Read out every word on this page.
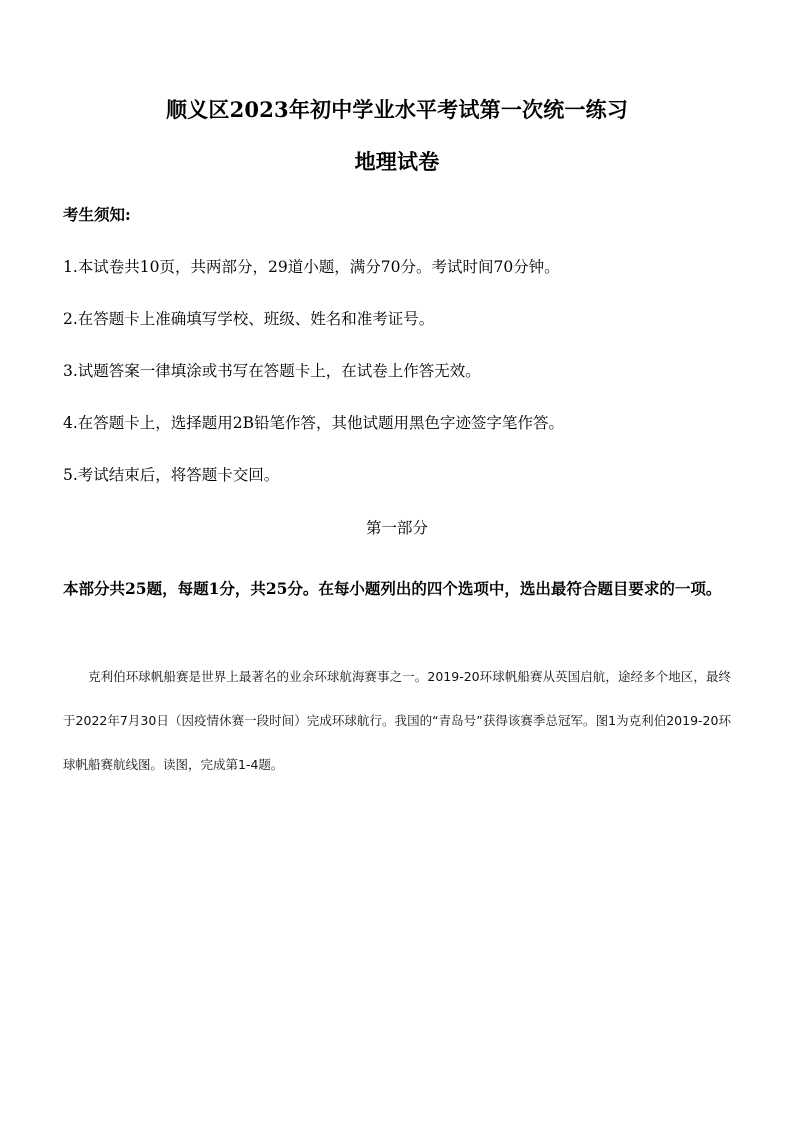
顺义区2023年初中学业水平考试第一次统一练习
地理试卷
考生须知:
1.本试卷共10页，共两部分，29道小题，满分70分。考试时间70分钟。
2.在答题卡上准确填写学校、班级、姓名和准考证号。
3.试题答案一律填涂或书写在答题卡上，在试卷上作答无效。
4.在答题卡上，选择题用2B铅笔作答，其他试题用黑色字迹签字笔作答。
5.考试结束后，将答题卡交回。
第一部分
本部分共25题，每题1分，共25分。在每小题列出的四个选项中，选出最符合题目要求的一项。
克利伯环球帆船赛是世界上最著名的业余环球航海赛事之一。2019-20环球帆船赛从英国启航，途经多个地区，最终于2022年7月30日（因疫情休赛一段时间）完成环球航行。我国的“青岛号”获得该赛季总冠军。图1为克利伯2019-20环球帆船赛航线图。读图，完成第1-4题。
